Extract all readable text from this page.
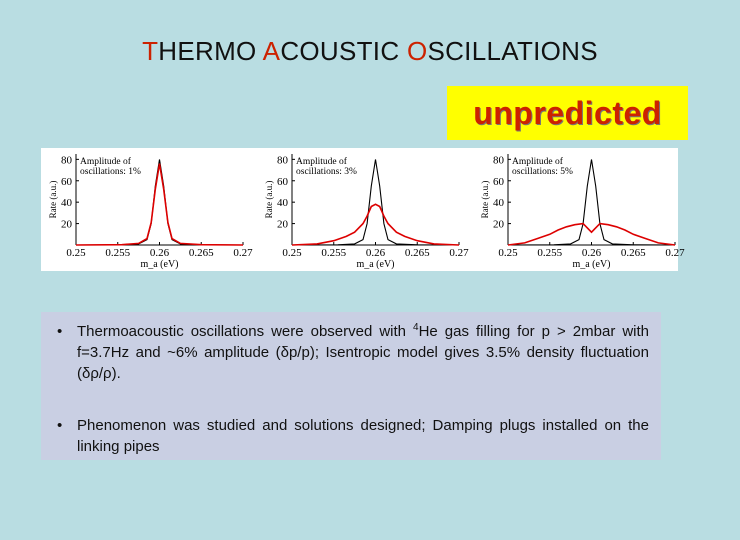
THERMO ACOUSTIC OSCILLATIONS
unpredicted
20
40
60
80
0.25 0.255 0.26 0.265 0.27
Rate (a.u.)
m_a (eV)
Amplitude of
oscillations: 1%
20
40
60
80
0.25 0.255 0.26 0.265 0.27
Rate (a.u.)
m_a (eV)
Amplitude of
oscillations: 3%
20
40
60
80
0.25 0.255 0.26 0.265 0.27
Rate (a.u.)
m_a (eV)
Amplitude of
oscillations: 5%
• Thermoacoustic oscillations were observed with $^4$He gas filling for p > 2mbar with f=3.7Hz and ~6% amplitude (δp/p); Isentropic model gives 3.5% density fluctuation (δρ/ρ).
• Phenomenon was studied and solutions designed; Damping plugs installed on the linking pipes
